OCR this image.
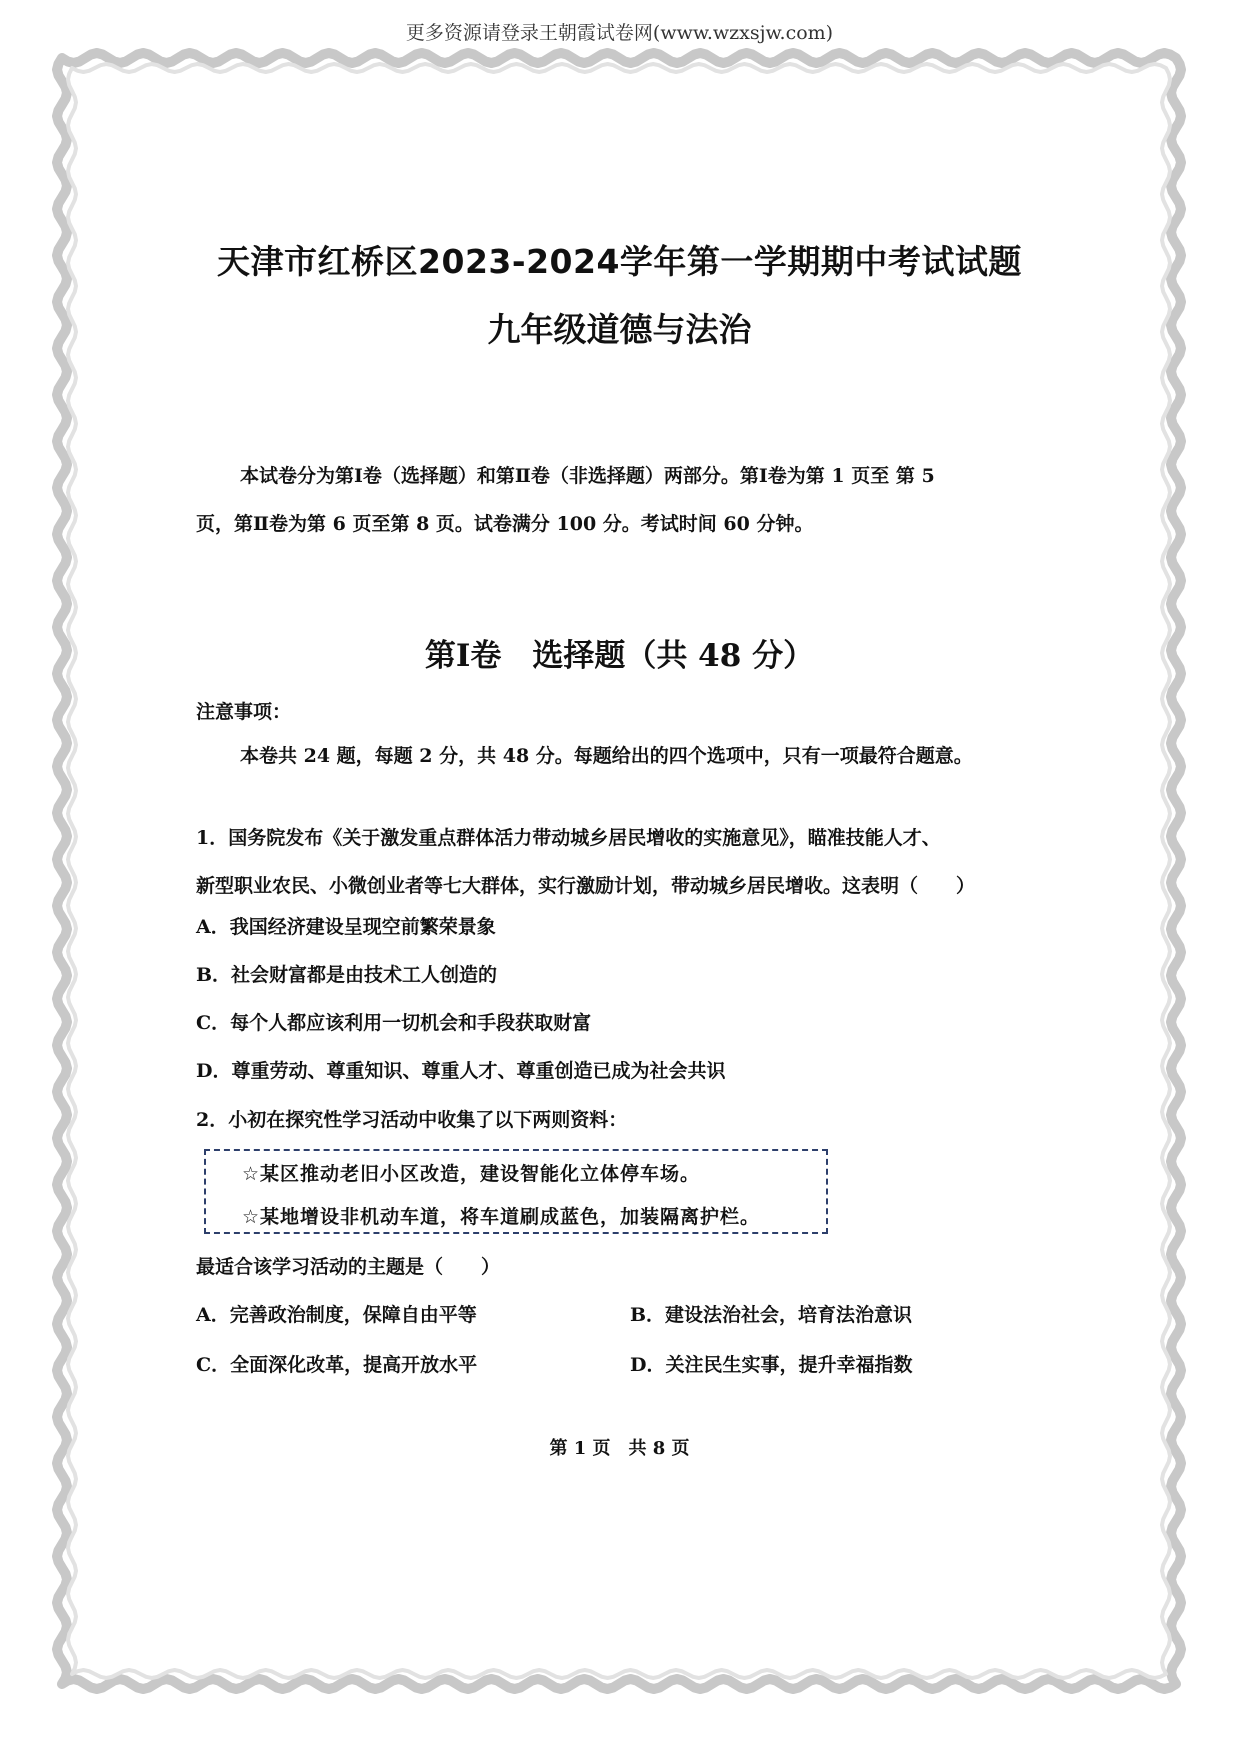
更多资源请登录王朝霞试卷网(www.wzxsjw.com)
天津市红桥区2023-2024学年第一学期期中考试试题
九年级道德与法治
本试卷分为第Ⅰ卷（选择题）和第Ⅱ卷（非选择题）两部分。第Ⅰ卷为第 1 页至 第 5
页，第Ⅱ卷为第 6 页至第 8 页。试卷满分 100 分。考试时间 60 分钟。
第Ⅰ卷　选择题（共 48 分）
注意事项：
本卷共 24 题，每题 2 分，共 48 分。每题给出的四个选项中，只有一项最符合题意。
1．国务院发布《关于激发重点群体活力带动城乡居民增收的实施意见》，瞄准技能人才、
新型职业农民、小微创业者等七大群体，实行激励计划，带动城乡居民增收。这表明（　　）
A．我国经济建设呈现空前繁荣景象
B．社会财富都是由技术工人创造的
C．每个人都应该利用一切机会和手段获取财富
D．尊重劳动、尊重知识、尊重人才、尊重创造已成为社会共识
2．小初在探究性学习活动中收集了以下两则资料：
☆某区推动老旧小区改造，建设智能化立体停车场。
☆某地增设非机动车道，将车道刷成蓝色，加装隔离护栏。
最适合该学习活动的主题是（　　）
A．完善政治制度，保障自由平等	B．建设法治社会，培育法治意识
C．全面深化改革，提高开放水平	D．关注民生实事，提升幸福指数
第 1 页　共 8 页
